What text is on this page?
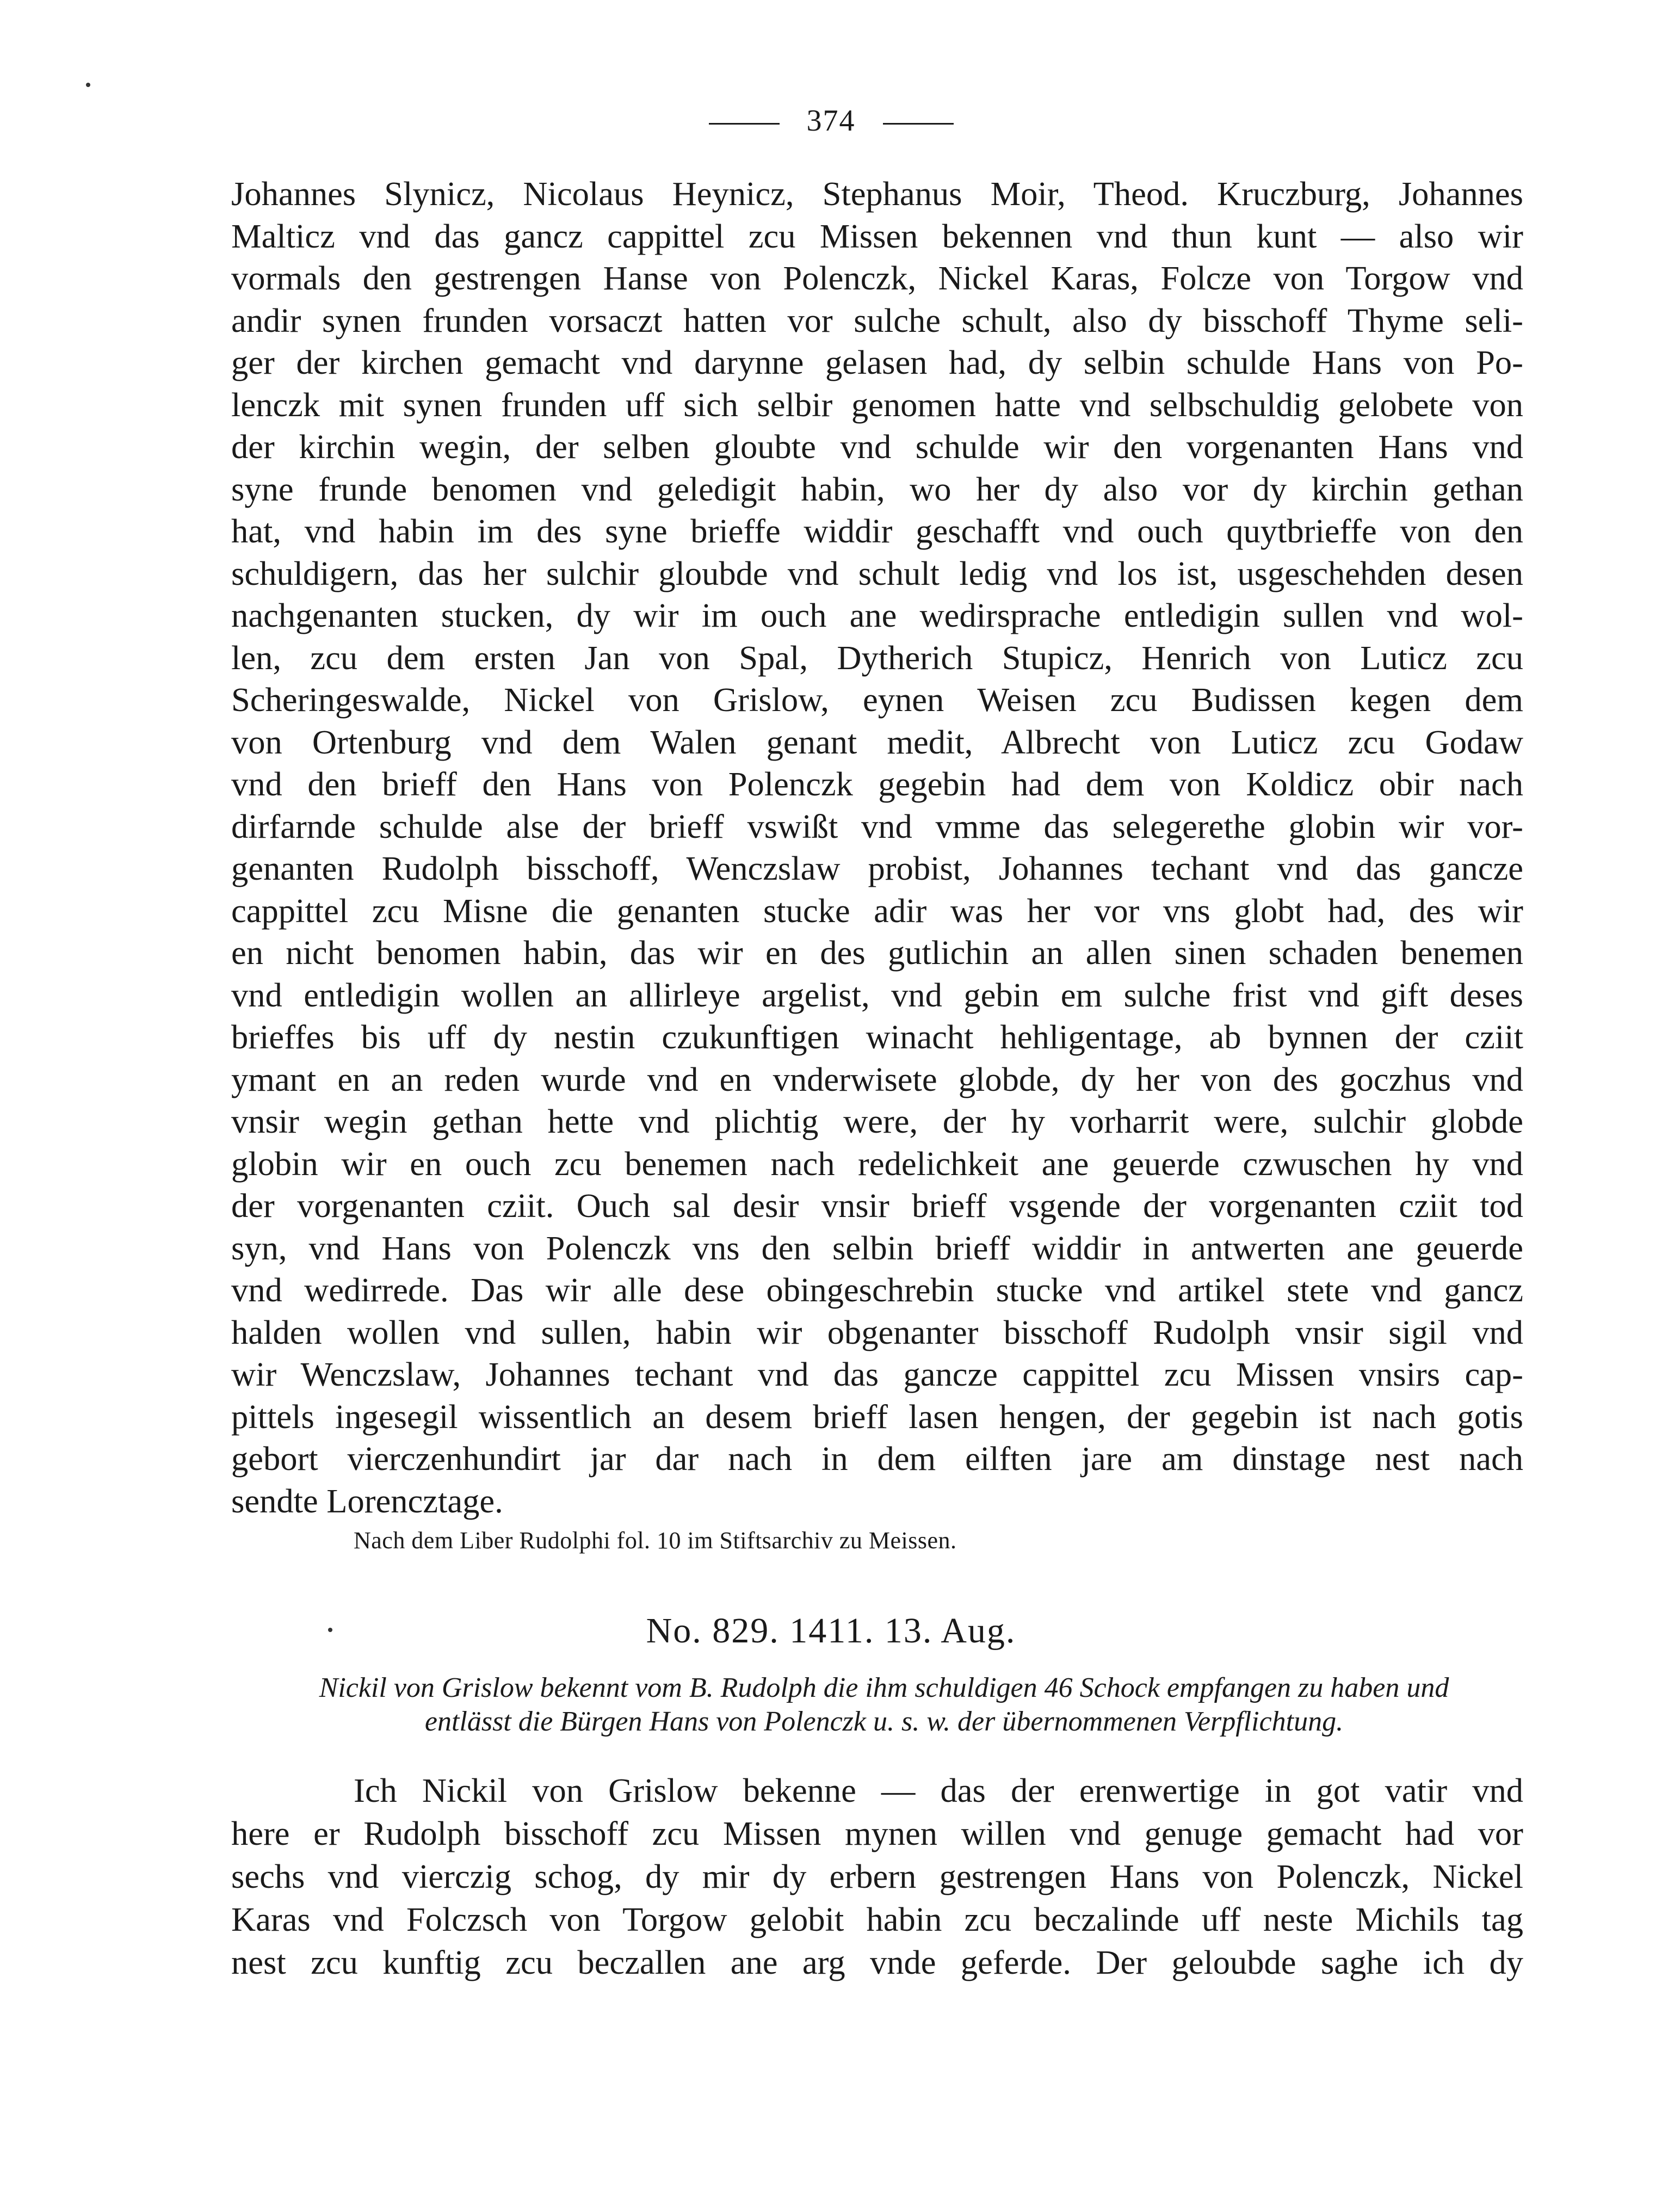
374
Johannes Slynicz, Nicolaus Heynicz, Stephanus Moir, Theod. Kruczburg, Johannes
Malticz vnd das gancz cappittel zcu Missen bekennen vnd thun kunt — also wir
vormals den gestrengen Hanse von Polenczk, Nickel Karas, Folcze von Torgow vnd
andir synen frunden vorsaczt hatten vor sulche schult, also dy bisschoff Thyme seli-
ger der kirchen gemacht vnd darynne gelasen had, dy selbin schulde Hans von Po-
lenczk mit synen frunden uff sich selbir genomen hatte vnd selbschuldig gelobete von
der kirchin wegin, der selben gloubte vnd schulde wir den vorgenanten Hans vnd
syne frunde benomen vnd geledigit habin, wo her dy also vor dy kirchin gethan
hat, vnd habin im des syne brieffe widdir geschafft vnd ouch quytbrieffe von den
schuldigern, das her sulchir gloubde vnd schult ledig vnd los ist, usgeschehden desen
nachgenanten stucken, dy wir im ouch ane wedirsprache entledigin sullen vnd wol-
len, zcu dem ersten Jan von Spal, Dytherich Stupicz, Henrich von Luticz zcu
Scheringeswalde, Nickel von Grislow, eynen Weisen zcu Budissen kegen dem
von Ortenburg vnd dem Walen genant medit, Albrecht von Luticz zcu Godaw
vnd den brieff den Hans von Polenczk gegebin had dem von Koldicz obir nach
dirfarnde schulde alse der brieff vswißt vnd vmme das selegerethe globin wir vor-
genanten Rudolph bisschoff, Wenczslaw probist, Johannes techant vnd das gancze
cappittel zcu Misne die genanten stucke adir was her vor vns globt had, des wir
en nicht benomen habin, das wir en des gutlichin an allen sinen schaden benemen
vnd entledigin wollen an allirleye argelist, vnd gebin em sulche frist vnd gift deses
brieffes bis uff dy nestin czukunftigen winacht hehligentage, ab bynnen der cziit
ymant en an reden wurde vnd en vnderwisete globde, dy her von des goczhus vnd
vnsir wegin gethan hette vnd plichtig were, der hy vorharrit were, sulchir globde
globin wir en ouch zcu benemen nach redelichkeit ane geuerde czwuschen hy vnd
der vorgenanten cziit. Ouch sal desir vnsir brieff vsgende der vorgenanten cziit tod
syn, vnd Hans von Polenczk vns den selbin brieff widdir in antwerten ane geuerde
vnd wedirrede. Das wir alle dese obingeschrebin stucke vnd artikel stete vnd gancz
halden wollen vnd sullen, habin wir obgenanter bisschoff Rudolph vnsir sigil vnd
wir Wenczslaw, Johannes techant vnd das gancze cappittel zcu Missen vnsirs cap-
pittels ingesegil wissentlich an desem brieff lasen hengen, der gegebin ist nach gotis
gebort vierczenhundirt jar dar nach in dem eilften jare am dinstage nest nach
sendte Lorencztage.
Nach dem Liber Rudolphi fol. 10 im Stiftsarchiv zu Meissen.
No. 829. 1411. 13. Aug.
Nickil von Grislow bekennt vom B. Rudolph die ihm schuldigen 46 Schock empfangen zu haben und
entlässt die Bürgen Hans von Polenczk u. s. w. der übernommenen Verpflichtung.
Ich Nickil von Grislow bekenne — das der erenwertige in got vatir vnd
here er Rudolph bisschoff zcu Missen mynen willen vnd genuge gemacht had vor
sechs vnd vierczig schog, dy mir dy erbern gestrengen Hans von Polenczk, Nickel
Karas vnd Folczsch von Torgow gelobit habin zcu beczalinde uff neste Michils tag
nest zcu kunftig zcu beczallen ane arg vnde geferde. Der geloubde saghe ich dy
